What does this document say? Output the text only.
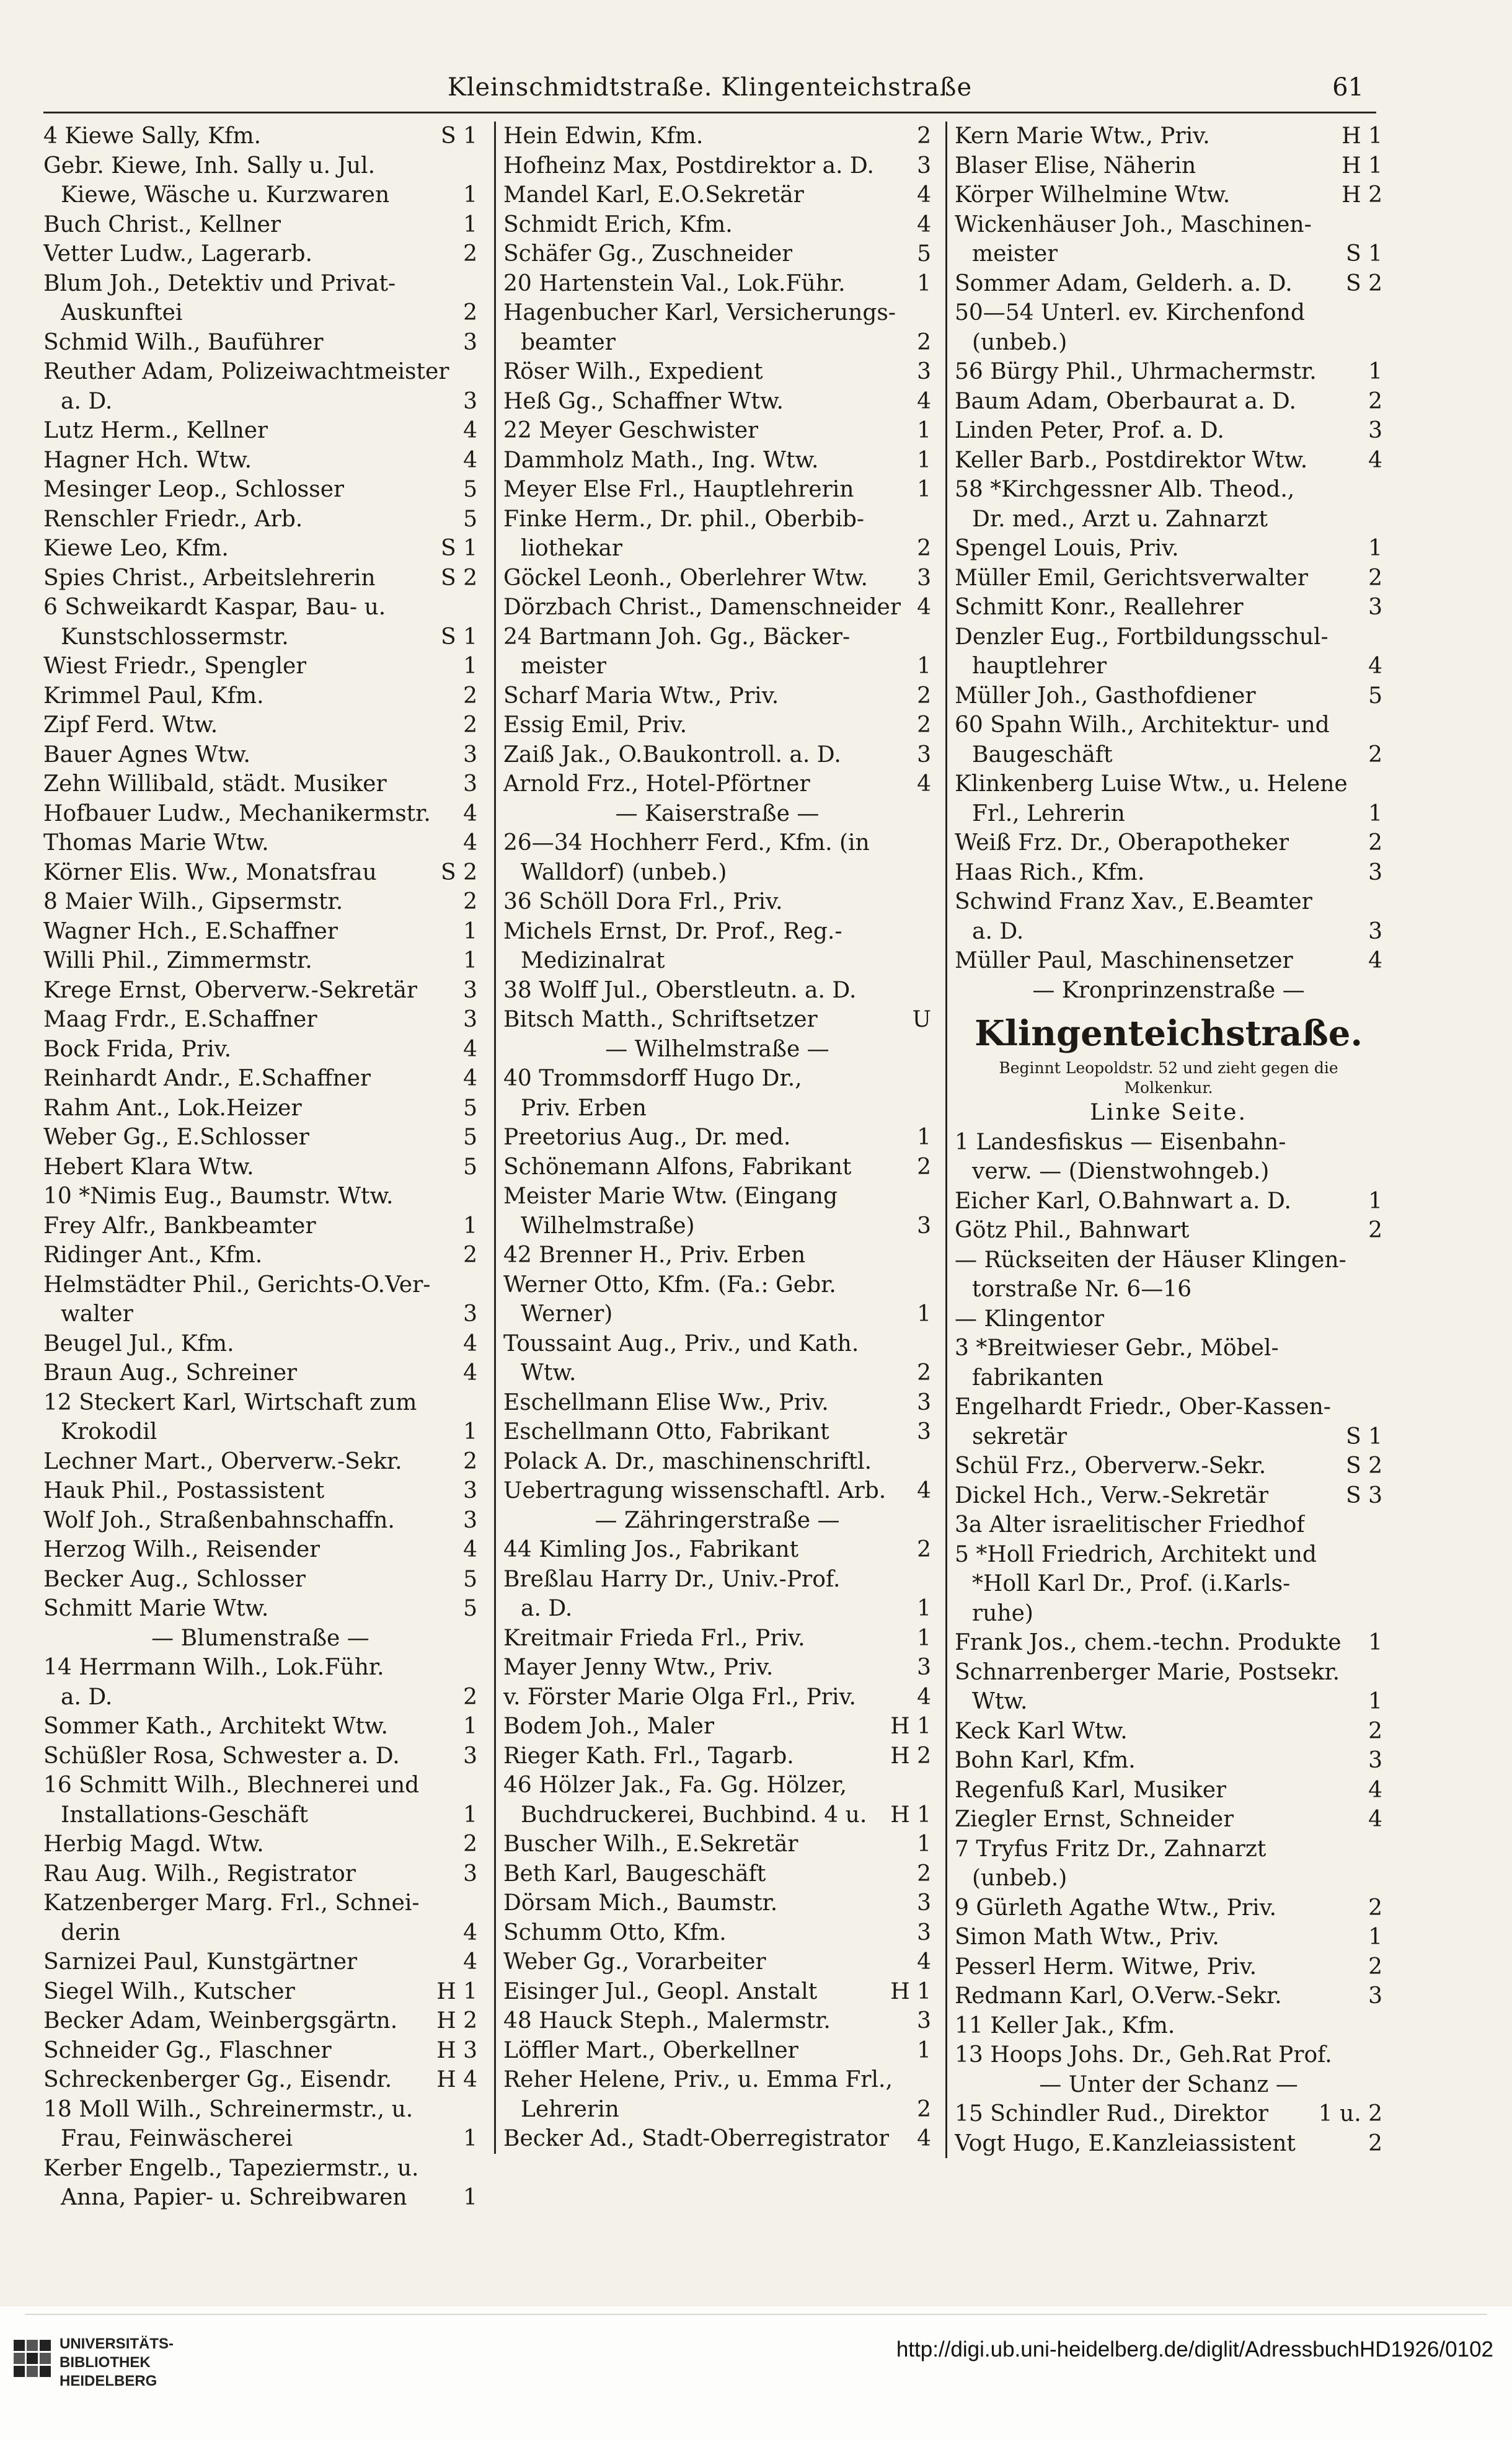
Kleinschmidtstraße. Klingenteichstraße	61
4 Kiewe Sally, Kfm.	S 1
Gebr. Kiewe, Inh. Sally u. Jul.
Kiewe, Wäsche u. Kurzwaren	1
Buch Christ., Kellner	1
Vetter Ludw., Lagerarb.	2
Blum Joh., Detektiv und Privat-
Auskunftei	2
Schmid Wilh., Bauführer	3
Reuther Adam, Polizeiwachtmeister
a. D.	3
Lutz Herm., Kellner	4
Hagner Hch. Wtw.	4
Mesinger Leop., Schlosser	5
Renschler Friedr., Arb.	5
Kiewe Leo, Kfm.	S 1
Spies Christ., Arbeitslehrerin	S 2
6 Schweikardt Kaspar, Bau- u.
Kunstschlossermstr.	S 1
Wiest Friedr., Spengler	1
Krimmel Paul, Kfm.	2
Zipf Ferd. Wtw.	2
Bauer Agnes Wtw.	3
Zehn Willibald, städt. Musiker	3
Hofbauer Ludw., Mechanikermstr. 4
Thomas Marie Wtw.	4
Körner Elis. Ww., Monatsfrau	S 2
8 Maier Wilh., Gipsermstr.	2
Wagner Hch., E.Schaffner	1
Willi Phil., Zimmermstr.	1
Krege Ernst, Oberverw.-Sekretär 3
Maag Frdr., E.Schaffner	3
Bock Frida, Priv.	4
Reinhardt Andr., E.Schaffner	4
Rahm Ant., Lok.Heizer	5
Weber Gg., E.Schlosser	5
Hebert Klara Wtw.	5
10 *Nimis Eug., Baumstr. Wtw.
Frey Alfr., Bankbeamter	1
Ridinger Ant., Kfm.	2
Helmstädter Phil., Gerichts-O.Ver-
walter	3
Beugel Jul., Kfm.	4
Braun Aug., Schreiner	4
12 Steckert Karl, Wirtschaft zum
Krokodil	1
Lechner Mart., Oberverw.-Sekr.	2
Hauk Phil., Postassistent	3
Wolf Joh., Straßenbahnschaffn.	3
Herzog Wilh., Reisender	4
Becker Aug., Schlosser	5
Schmitt Marie Wtw.	5
— Blumenstraße —
14 Herrmann Wilh., Lok.Führ.
a. D.	2
Sommer Kath., Architekt Wtw.	1
Schüßler Rosa, Schwester a. D.	3
16 Schmitt Wilh., Blechnerei und
Installations-Geschäft	1
Herbig Magd. Wtw.	2
Rau Aug. Wilh., Registrator	3
Katzenberger Marg. Frl., Schnei-
derin	4
Sarnizei Paul, Kunstgärtner	4
Siegel Wilh., Kutscher	H 1
Becker Adam, Weinbergsgärtn. H 2
Schneider Gg., Flaschner	H 3
Schreckenberger Gg., Eisendr. H 4
18 Moll Wilh., Schreinermstr., u.
Frau, Feinwäscherei	1
Kerber Engelb., Tapeziermstr., u.
Anna, Papier- u. Schreibwaren	1
Hein Edwin, Kfm.	2
Hofheinz Max, Postdirektor a. D. 3
Mandel Karl, E.O.Sekretär	4
Schmidt Erich, Kfm.	4
Schäfer Gg., Zuschneider	5
20 Hartenstein Val., Lok.Führ.	1
Hagenbucher Karl, Versicherungs-
beamter	2
Röser Wilh., Expedient	3
Heß Gg., Schaffner Wtw.	4
22 Meyer Geschwister	1
Dammholz Math., Ing. Wtw.	1
Meyer Else Frl., Hauptlehrerin	1
Finke Herm., Dr. phil., Oberbib-
liothekar	2
Göckel Leonh., Oberlehrer Wtw. 3
Dörzbach Christ., Damenschneider 4
24 Bartmann Joh. Gg., Bäcker-
meister	1
Scharf Maria Wtw., Priv.	2
Essig Emil, Priv.	2
Zaiß Jak., O.Baukontroll. a. D.	3
Arnold Frz., Hotel-Pförtner	4
— Kaiserstraße —
26—34 Hochherr Ferd., Kfm. (in
Walldorf) (unbeb.)
36 Schöll Dora Frl., Priv.
Michels Ernst, Dr. Prof., Reg.-
Medizinalrat
38 Wolff Jul., Oberstleutn. a. D.
Bitsch Matth., Schriftsetzer	U
— Wilhelmstraße —
40 Trommsdorff Hugo Dr.,
Priv. Erben
Preetorius Aug., Dr. med.	1
Schönemann Alfons, Fabrikant	2
Meister Marie Wtw. (Eingang
Wilhelmstraße)	3
42 Brenner H., Priv. Erben
Werner Otto, Kfm. (Fa.: Gebr.
Werner)	1
Toussaint Aug., Priv., und Kath.
Wtw.	2
Eschellmann Elise Ww., Priv.	3
Eschellmann Otto, Fabrikant	3
Polack A. Dr., maschinenschriftl.
Uebertragung wissenschaftl. Arb. 4
— Zähringerstraße —
44 Kimling Jos., Fabrikant	2
Breßlau Harry Dr., Univ.-Prof.
a. D.	1
Kreitmair Frieda Frl., Priv.	1
Mayer Jenny Wtw., Priv.	3
v. Förster Marie Olga Frl., Priv.	4
Bodem Joh., Maler	H 1
Rieger Kath. Frl., Tagarb.	H 2
46 Hölzer Jak., Fa. Gg. Hölzer,
Buchdruckerei, Buchbind. 4 u. H 1
Buscher Wilh., E.Sekretär	1
Beth Karl, Baugeschäft	2
Dörsam Mich., Baumstr.	3
Schumm Otto, Kfm.	3
Weber Gg., Vorarbeiter	4
Eisinger Jul., Geopl. Anstalt	H 1
48 Hauck Steph., Malermstr.	3
Löffler Mart., Oberkellner	1
Reher Helene, Priv., u. Emma Frl.,
Lehrerin	2
Becker Ad., Stadt-Oberregistrator 4
Kern Marie Wtw., Priv.	H 1
Blaser Elise, Näherin	H 1
Körper Wilhelmine Wtw.	H 2
Wickenhäuser Joh., Maschinen-
meister	S 1
Sommer Adam, Gelderh. a. D. S 2
50—54 Unterl. ev. Kirchenfond
(unbeb.)
56 Bürgy Phil., Uhrmachermstr. 1
Baum Adam, Oberbaurat a. D.	2
Linden Peter, Prof. a. D.	3
Keller Barb., Postdirektor Wtw.	4
58 *Kirchgessner Alb. Theod.,
Dr. med., Arzt u. Zahnarzt
Spengel Louis, Priv.	1
Müller Emil, Gerichtsverwalter	2
Schmitt Konr., Reallehrer	3
Denzler Eug., Fortbildungsschul-
hauptlehrer	4
Müller Joh., Gasthofdiener	5
60 Spahn Wilh., Architektur- und
Baugeschäft	2
Klinkenberg Luise Wtw., u. Helene
Frl., Lehrerin	1
Weiß Frz. Dr., Oberapotheker	2
Haas Rich., Kfm.	3
Schwind Franz Xav., E.Beamter
a. D.	3
Müller Paul, Maschinensetzer	4
— Kronprinzenstraße —
Klingenteichstraße.
Beginnt Leopoldstr. 52 und zieht gegen die Molkenkur.
Linke Seite.
1 Landesfiskus — Eisenbahn-
verw. — (Dienstwohngeb.)
Eicher Karl, O.Bahnwart a. D.	1
Götz Phil., Bahnwart	2
— Rückseiten der Häuser Klingen-
torstraße Nr. 6—16
— Klingentor
3 *Breitwieser Gebr., Möbel-
fabrikanten
Engelhardt Friedr., Ober-Kassen-
sekretär	S 1
Schül Frz., Oberverw.-Sekr.	S 2
Dickel Hch., Verw.-Sekretär	S 3
3a Alter israelitischer Friedhof
5 *Holl Friedrich, Architekt und
*Holl Karl Dr., Prof. (i.Karls-
ruhe)
Frank Jos., chem.-techn. Produkte 1
Schnarrenberger Marie, Postsekr.
Wtw.	1
Keck Karl Wtw.	2
Bohn Karl, Kfm.	3
Regenfuß Karl, Musiker	4
Ziegler Ernst, Schneider	4
7 Tryfus Fritz Dr., Zahnarzt
(unbeb.)
9 Gürleth Agathe Wtw., Priv.	2
Simon Math Wtw., Priv.	1
Pesserl Herm. Witwe, Priv.	2
Redmann Karl, O.Verw.-Sekr.	3
11 Keller Jak., Kfm.
13 Hoops Johs. Dr., Geh.Rat Prof.
— Unter der Schanz —
15 Schindler Rud., Direktor 1 u. 2
Vogt Hugo, E.Kanzleiassistent	2
UNIVERSITÄTS-
BIBLIOTHEK
HEIDELBERG
http://digi.ub.uni-heidelberg.de/diglit/AdressbuchHD1926/0102
